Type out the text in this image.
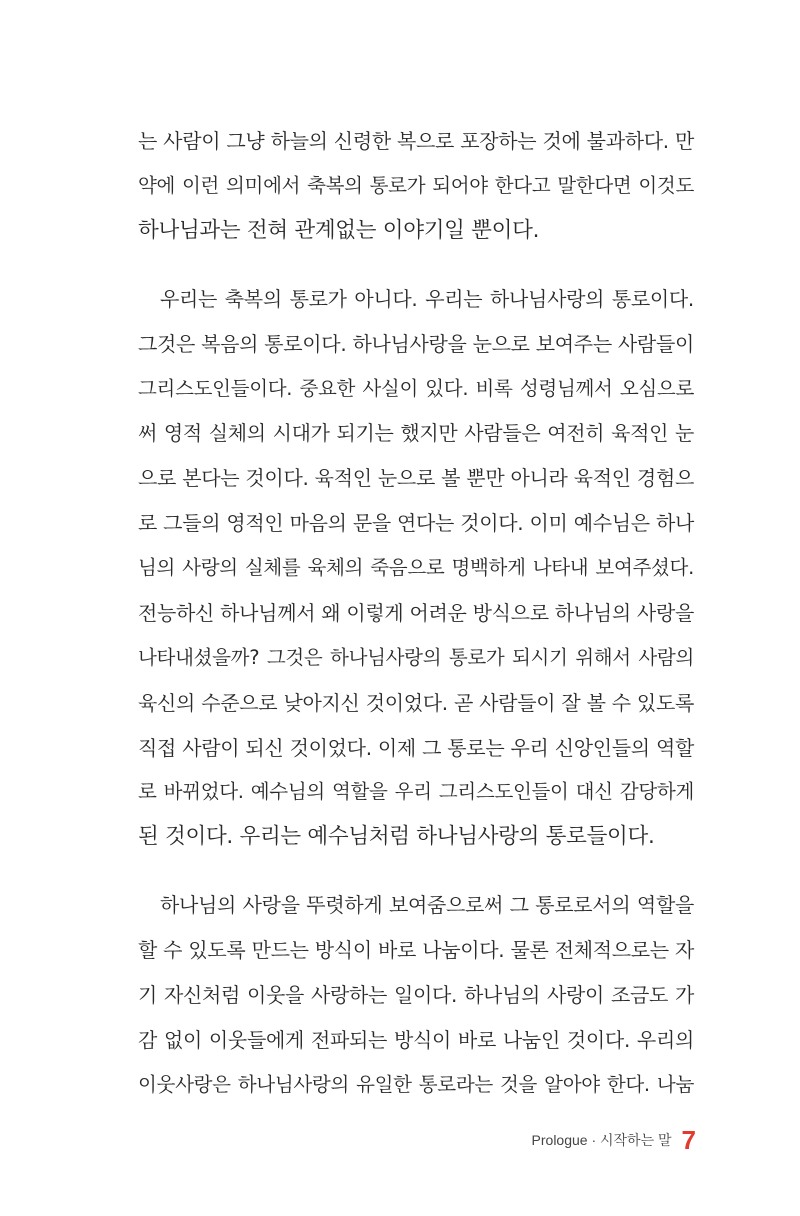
는 사람이 그냥 하늘의 신령한 복으로 포장하는 것에 불과하다. 만
약에 이런 의미에서 축복의 통로가 되어야 한다고 말한다면 이것도
하나님과는 전혀 관계없는 이야기일 뿐이다.
우리는 축복의 통로가 아니다. 우리는 하나님사랑의 통로이다.
그것은 복음의 통로이다. 하나님사랑을 눈으로 보여주는 사람들이
그리스도인들이다. 중요한 사실이 있다. 비록 성령님께서 오심으로
써 영적 실체의 시대가 되기는 했지만 사람들은 여전히 육적인 눈
으로 본다는 것이다. 육적인 눈으로 볼 뿐만 아니라 육적인 경험으
로 그들의 영적인 마음의 문을 연다는 것이다. 이미 예수님은 하나
님의 사랑의 실체를 육체의 죽음으로 명백하게 나타내 보여주셨다.
전능하신 하나님께서 왜 이렇게 어려운 방식으로 하나님의 사랑을
나타내셨을까? 그것은 하나님사랑의 통로가 되시기 위해서 사람의
육신의 수준으로 낮아지신 것이었다. 곧 사람들이 잘 볼 수 있도록
직접 사람이 되신 것이었다. 이제 그 통로는 우리 신앙인들의 역할
로 바뀌었다. 예수님의 역할을 우리 그리스도인들이 대신 감당하게
된 것이다. 우리는 예수님처럼 하나님사랑의 통로들이다.
하나님의 사랑을 뚜렷하게 보여줌으로써 그 통로로서의 역할을
할 수 있도록 만드는 방식이 바로 나눔이다. 물론 전체적으로는 자
기 자신처럼 이웃을 사랑하는 일이다. 하나님의 사랑이 조금도 가
감 없이 이웃들에게 전파되는 방식이 바로 나눔인 것이다. 우리의
이웃사랑은 하나님사랑의 유일한 통로라는 것을 알아야 한다. 나눔
Prologue · 시작하는 말 7
